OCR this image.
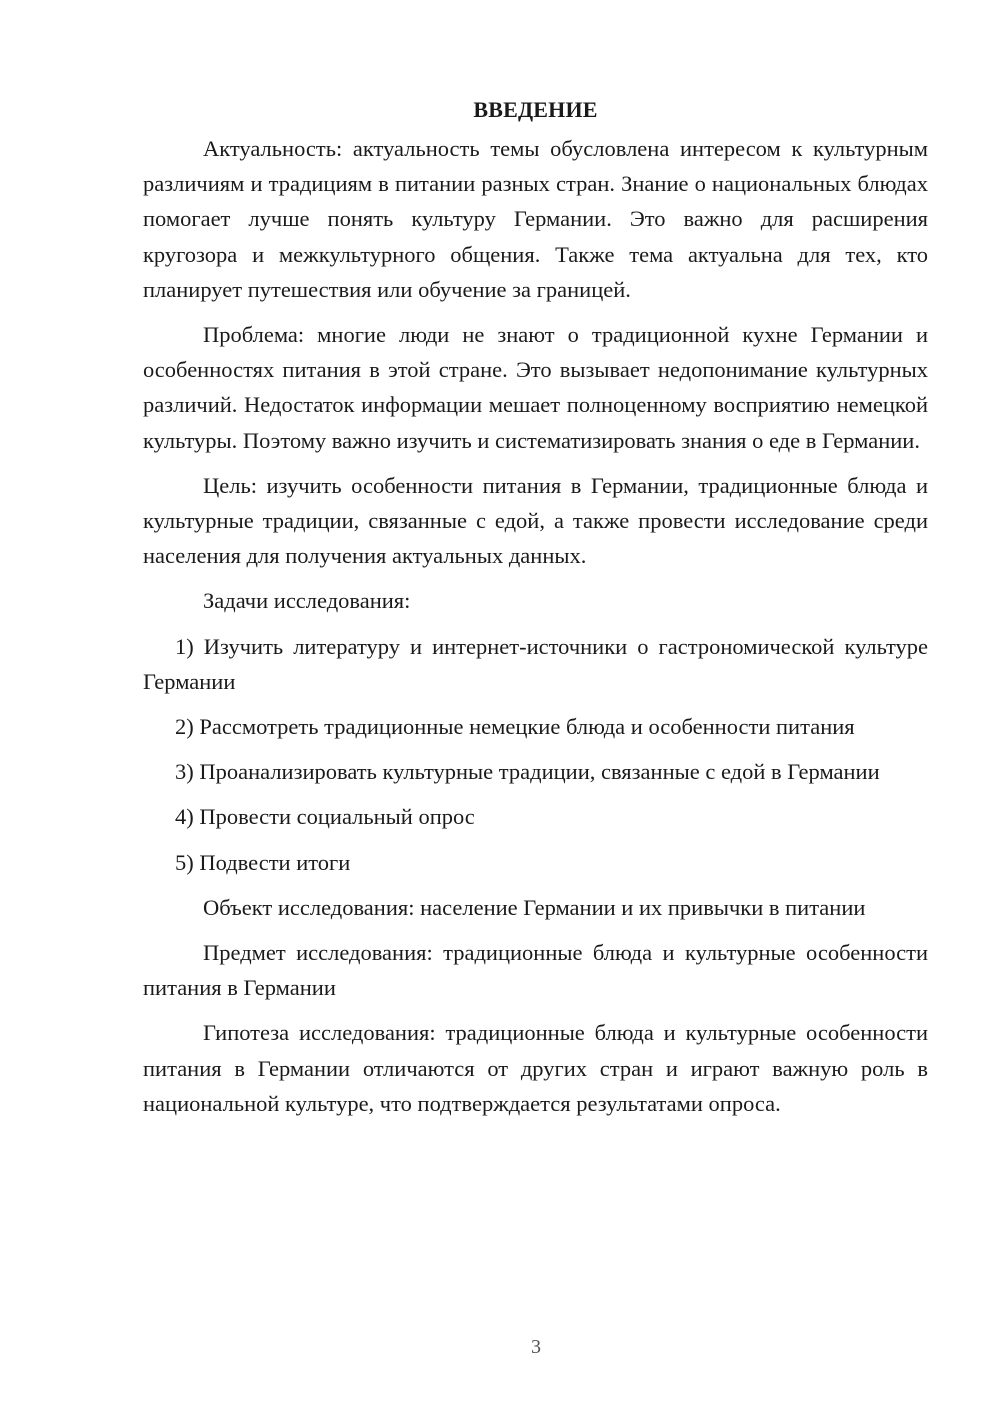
ВВЕДЕНИЕ

Актуальность: актуальность темы обусловлена интересом к культурным различиям и традициям в питании разных стран. Знание о национальных блюдах помогает лучше понять культуру Германии. Это важно для расширения кругозора и межкультурного общения. Также тема актуальна для тех, кто планирует путешествия или обучение за границей.

Проблема: многие люди не знают о традиционной кухне Германии и особенностях питания в этой стране. Это вызывает недопонимание культурных различий. Недостаток информации мешает полноценному восприятию немецкой культуры. Поэтому важно изучить и систематизировать знания о еде в Германии.

Цель: изучить особенности питания в Германии, традиционные блюда и культурные традиции, связанные с едой, а также провести исследование среди населения для получения актуальных данных.

Задачи исследования:

1) Изучить литературу и интернет-источники о гастрономической культуре Германии

2) Рассмотреть традиционные немецкие блюда и особенности питания

3) Проанализировать культурные традиции, связанные с едой в Германии

4) Провести социальный опрос

5) Подвести итоги

Объект исследования: население Германии и их привычки в питании

Предмет исследования: традиционные блюда и культурные особенности питания в Германии

Гипотеза исследования: традиционные блюда и культурные особенности питания в Германии отличаются от других стран и играют важную роль в национальной культуре, что подтверждается результатами опроса.

3
